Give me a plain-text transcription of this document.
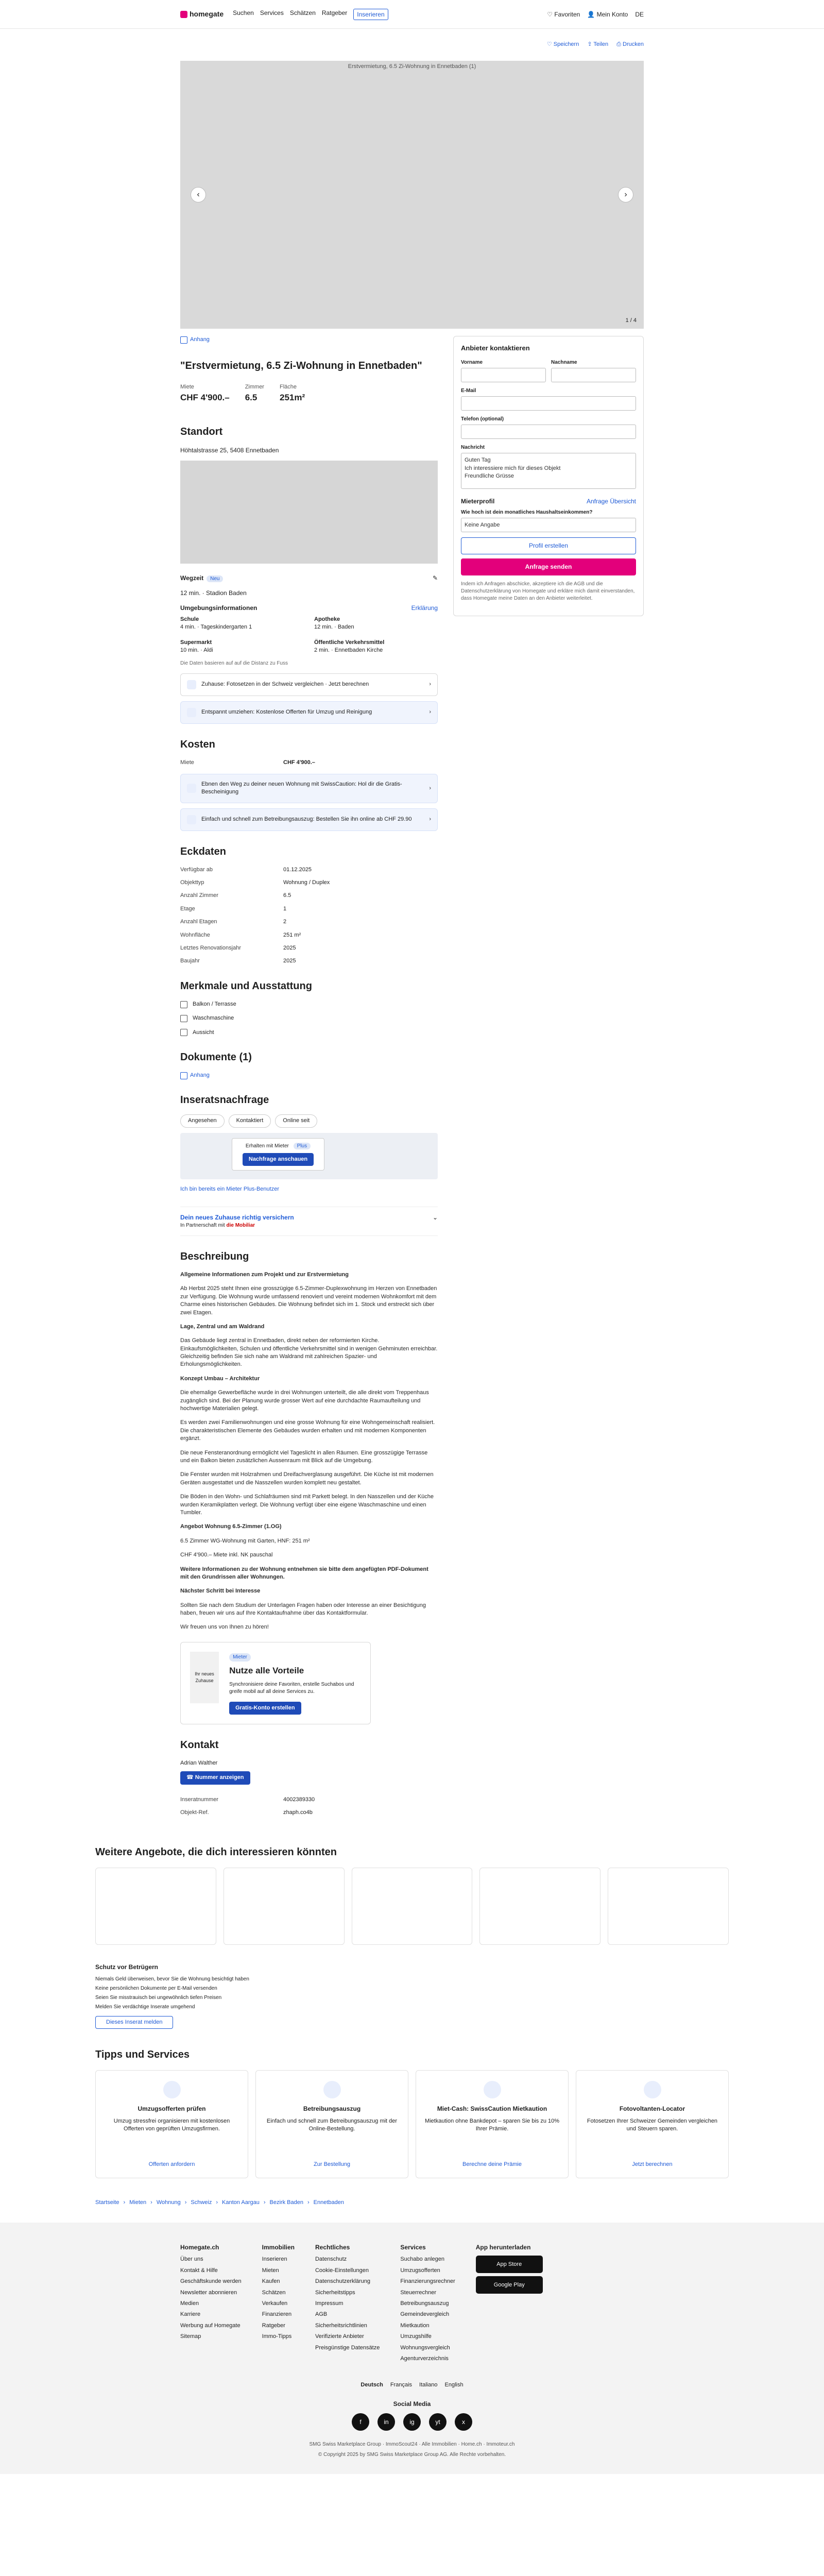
homegate Suchen Services Schätzen Ratgeber	Inserieren	♡ Favoriten 👤 Mein Konto DE
♡ Speichern ⇪ Teilen ⎙ Drucken
Erstvermietung, 6.5 Zi-Wohnung in Ennetbaden (1)
‹	›
1 / 4
Anhang
"Erstvermietung, 6.5 Zi-Wohnung in Ennetbaden"
Miete
CHF 4'900.–
Zimmer
6.5
Fläche
251m²
Standort
Höhtalstrasse 25, 5408 Ennetbaden
Wegzeit Neu	✎
12 min. · Stadion Baden
Umgebungsinformationen	Erklärung
Schule
4 min. · Tageskindergarten 1
Apotheke
12 min. · Baden
Supermarkt
10 min. · Aldi
Öffentliche Verkehrsmittel
2 min. · Ennetbaden Kirche
Die Daten basieren auf auf die Distanz zu Fuss
Zuhause: Fotosetzen in der Schweiz vergleichen · Jetzt berechnen	›
Entspannt umziehen: Kostenlose Offerten für Umzug und Reinigung	›
Kosten
Miete	CHF 4'900.–
Ebnen den Weg zu deiner neuen Wohnung mit SwissCaution: Hol dir die Gratis-Bescheinigung
›
Einfach und schnell zum Betreibungsauszug: Bestellen Sie ihn online ab CHF 29.90	›
Eckdaten
Verfügbar ab	01.12.2025
Objekttyp	Wohnung / Duplex
Anzahl Zimmer	6.5
Etage	1
Anzahl Etagen	2
Wohnfläche	251 m²
Letztes Renovationsjahr	2025
Baujahr	2025
Merkmale und Ausstattung
Balkon / Terrasse
Waschmaschine
Aussicht
Dokumente (1)
Anhang
Inseratsnachfrage
Angesehen	Kontaktiert	Online seit
Erhalten mit Mieter Plus
Nachfrage anschauen
Ich bin bereits ein Mieter Plus-Benutzer
Dein neues Zuhause richtig versichern	⌄
In Partnerschaft mit die Mobiliar
Beschreibung

Allgemeine Informationen zum Projekt und zur Erstvermietung

Ab Herbst 2025 steht Ihnen eine grosszügige 6.5-Zimmer-Duplexwohnung im Herzen von Ennetbaden zur Verfügung. Die Wohnung wurde umfassend renoviert und vereint modernen Wohnkomfort mit dem Charme eines historischen Gebäudes. Die Wohnung befindet sich im 1. Stock und erstreckt sich über zwei Etagen.

Lage, Zentral und am Waldrand

Das Gebäude liegt zentral in Ennetbaden, direkt neben der reformierten Kirche. Einkaufsmöglichkeiten, Schulen und öffentliche Verkehrsmittel sind in wenigen Gehminuten erreichbar. Gleichzeitig befinden Sie sich nahe am Waldrand mit zahlreichen Spazier- und Erholungsmöglichkeiten.

Konzept Umbau – Architektur

Die ehemalige Gewerbefläche wurde in drei Wohnungen unterteilt, die alle direkt vom Treppenhaus zugänglich sind. Bei der Planung wurde grosser Wert auf eine durchdachte Raumaufteilung und hochwertige Materialien gelegt.

Es werden zwei Familienwohnungen und eine grosse Wohnung für eine Wohngemeinschaft realisiert. Die charakteristischen Elemente des Gebäudes wurden erhalten und mit modernen Komponenten ergänzt.

Die neue Fensteranordnung ermöglicht viel Tageslicht in allen Räumen. Eine grosszügige Terrasse und ein Balkon bieten zusätzlichen Aussenraum mit Blick auf die Umgebung.

Die Fenster wurden mit Holzrahmen und Dreifachverglasung ausgeführt. Die Küche ist mit modernen Geräten ausgestattet und die Nasszellen wurden komplett neu gestaltet.

Die Böden in den Wohn- und Schlafräumen sind mit Parkett belegt. In den Nasszellen und der Küche wurden Keramikplatten verlegt. Die Wohnung verfügt über eine eigene Waschmaschine und einen Tumbler.

Angebot Wohnung 6.5-Zimmer (1.OG)

6.5 Zimmer WG-Wohnung mit Garten, HNF: 251 m²

CHF 4'900.– Miete inkl. NK pauschal

Weitere Informationen zu der Wohnung entnehmen sie bitte dem angefügten PDF-Dokument mit den Grundrissen aller Wohnungen.

Nächster Schritt bei Interesse

Sollten Sie nach dem Studium der Unterlagen Fragen haben oder Interesse an einer Besichtigung haben, freuen wir uns auf Ihre Kontaktaufnahme über das Kontaktformular.

Wir freuen uns von Ihnen zu hören!

Ihr neues Zuhause
Mieter
Nutze alle Vorteile
Synchronisiere deine Favoriten, erstelle Suchabos und greife mobil auf all deine Services zu.
Gratis-Konto erstellen
Kontakt
Adrian Walther
☎ Nummer anzeigen
Inseratnummer	4002389330
Objekt-Ref.	zhaph.co4b
Anbieter kontaktieren
Vorname	Nachname
E-Mail
Telefon (optional)
Nachricht
Guten Tag
Ich interessiere mich für dieses Objekt
Freundliche Grüsse
Mieterprofil	Anfrage Übersicht
Wie hoch ist dein monatliches Haushaltseinkommen?
Keine Angabe
Profil erstellen
Anfrage senden
Indem ich Anfragen abschicke, akzeptiere ich die AGB und die Datenschutzerklärung von Homegate und erkläre mich damit einverstanden, dass Homegate meine Daten an den Anbieter weiterleitet.
Weitere Angebote, die dich interessieren könnten
Schutz vor Betrügern
Niemals Geld überweisen, bevor Sie die Wohnung besichtigt haben
Keine persönlichen Dokumente per E-Mail versenden
Seien Sie misstrauisch bei ungewöhnlich tiefen Preisen
Melden Sie verdächtige Inserate umgehend
Dieses Inserat melden
Tipps und Services
Umzugsofferten prüfen
Umzug stressfrei organisieren mit kostenlosen Offerten von geprüften Umzugsfirmen.
Offerten anfordern
Betreibungsauszug
Einfach und schnell zum Betreibungsauszug mit der Online-Bestellung.
Zur Bestellung
Miet-Cash: SwissCaution Mietkaution
Mietkaution ohne Bankdepot – sparen Sie bis zu 10% Ihrer Prämie.
Berechne deine Prämie
Fotovoltanten-Locator
Fotosetzen Ihrer Schweizer Gemeinden vergleichen und Steuern sparen.
Jetzt berechnen
Startseite › Mieten › Wohnung › Schweiz › Kanton Aargau › Bezirk Baden › Ennetbaden
App herunterladen
App Store
Google Play
Homegate.ch
Über uns
Kontakt & Hilfe
Geschäftskunde werden
Newsletter abonnieren
Medien
Karriere
Werbung auf Homegate
Sitemap
Immobilien
Inserieren
Mieten
Kaufen
Schätzen
Verkaufen
Finanzieren
Ratgeber
Immo-Tipps
Rechtliches
Datenschutz
Cookie-Einstellungen
Datenschutzerklärung
Sicherheitstipps
Impressum
AGB
Sicherheitsrichtlinien
Verifizierte Anbieter
Preisgünstige Datensätze
Services
Suchabo anlegen
Umzugsofferten
Finanzierungsrechner
Steuerrechner
Betreibungsauszug
Gemeindevergleich
Mietkaution
Umzugshilfe
Wohnungsvergleich
Agenturverzeichnis
Deutsch Français Italiano English
Social Media
f	in	ig	yt	x
SMG Swiss Marketplace Group · ImmoScout24 · Alle Immobilien · Home.ch · Immoteur.ch
© Copyright 2025 by SMG Swiss Marketplace Group AG. Alle Rechte vorbehalten.
